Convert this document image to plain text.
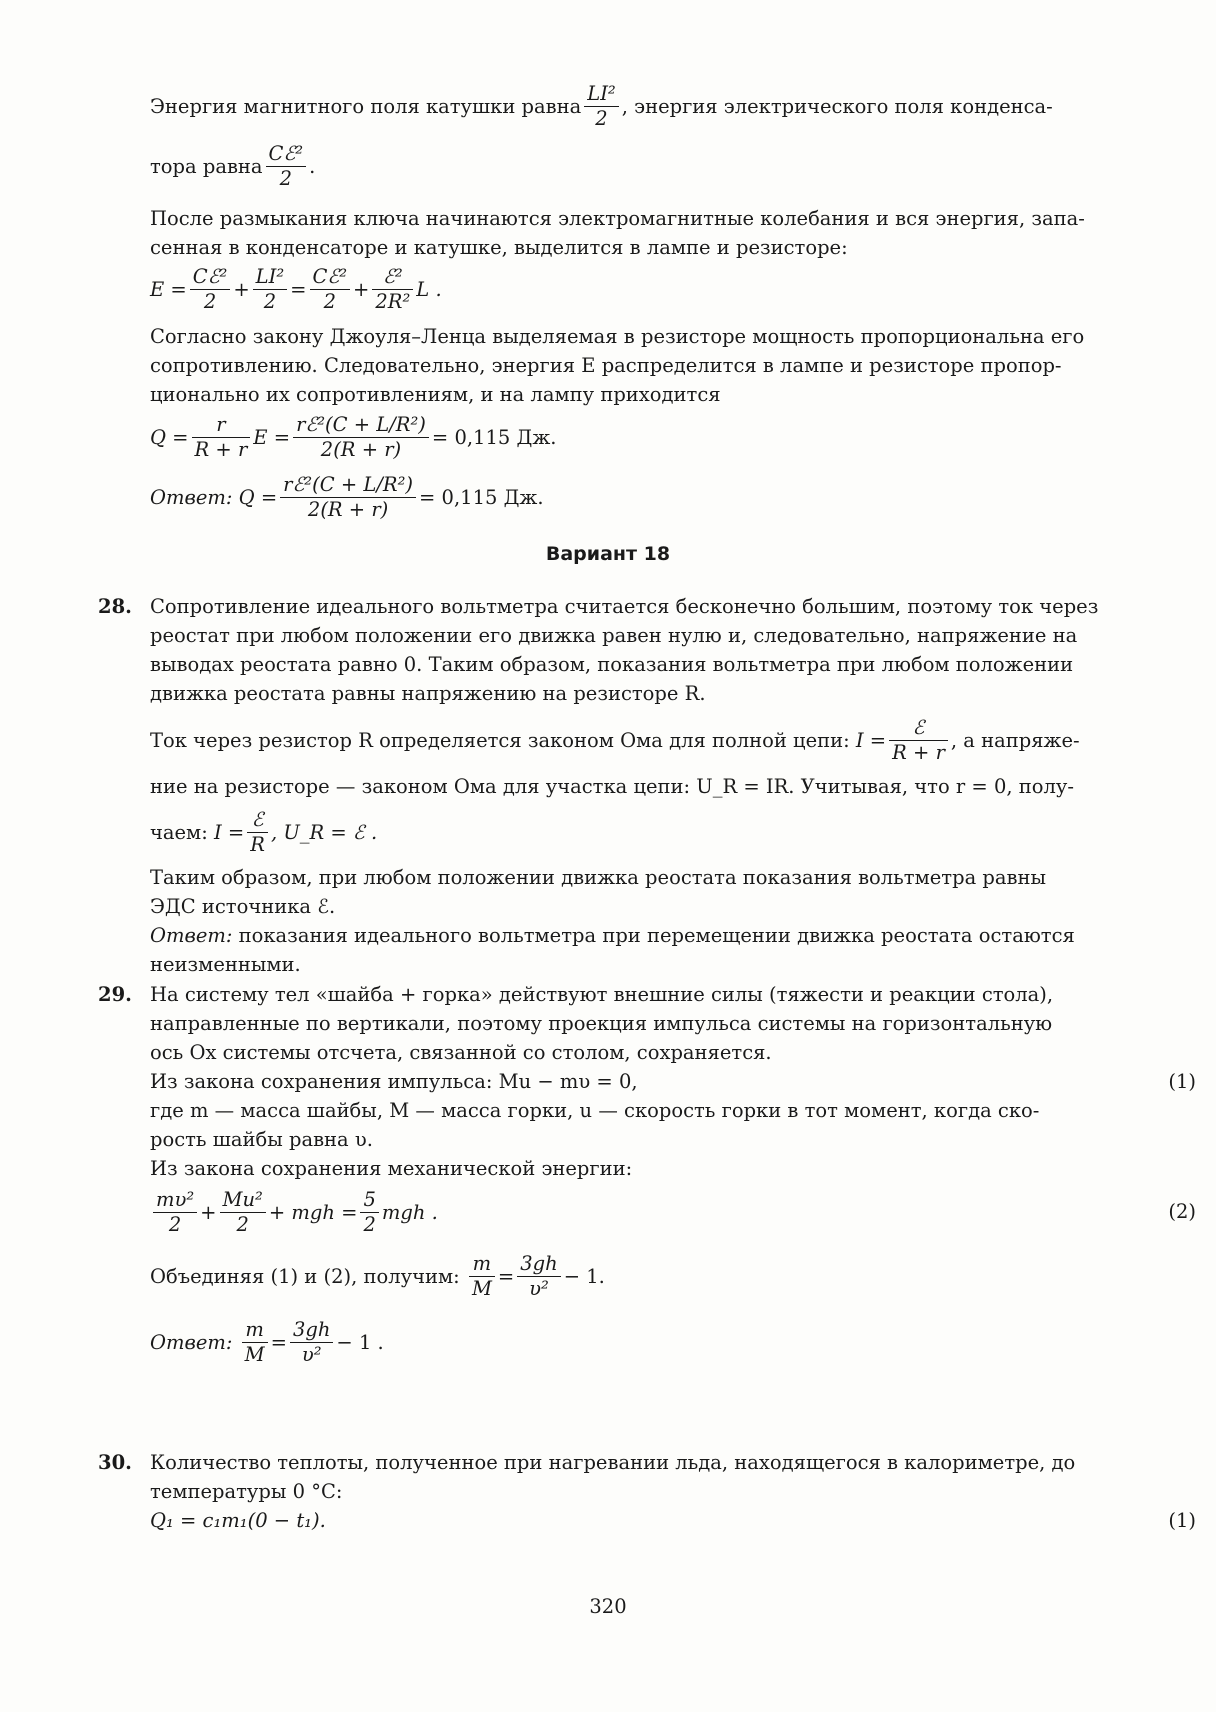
Энергия магнитного поля катушки равна $\frac{\text{LI²}}{2}$ , энергия электрического поля конденса-
тора равна $\frac{\text{Cℰ²}}{2}$ .

После размыкания ключа начинаются электромагнитные колебания и вся энергия, запа-
сенная в конденсаторе и катушке, выделится в лампе и резисторе:

$E = \frac{\text{Cℰ²}}{2} + \frac{\text{LI²}}{2} = \frac{\text{Cℰ²}}{2} + \frac{\text{ℰ²}}{\text{2R²}}$ L .

Согласно закону Джоуля–Ленца выделяемая в резисторе мощность пропорциональна его
сопротивлению. Следовательно, энергия E распределится в лампе и резисторе пропор-
ционально их сопротивлениям, и на лампу приходится

$Q = \frac{r}{R + r}$ $E = \frac{\text{rℰ²(C + L/R²)}}{2(R + r)} = 0,115$ Дж.
Ответ:
$Q = \frac{\text{rℰ²(C + L/R²)}}{2(R + r)} = 0,115$ Дж.
Вариант 18
28. Сопротивление идеального вольтметра считается бесконечно большим, поэтому ток через
реостат при любом положении его движка равен нулю и, следовательно, напряжение на
выводах реостата равно 0. Таким образом, показания вольтметра при любом положении
движка реостата равны напряжению на резисторе R.

Ток через резистор R определяется законом Ома для полной цепи:
$I = \frac{\text{ℰ}}{R + r}$ , а напряже-

ние на резисторе — законом Ома для участка цепи: U_R = IR. Учитывая, что r = 0, полу-

чаем:
$I = \frac{\text{ℰ}}{R}$ , U_R = ℰ .

Таким образом, при любом положении движка реостата показания вольтметра равны
ЭДС источника ℰ.
Ответ: показания идеального вольтметра при перемещении движка реостата остаются
неизменными.

29. На систему тел «шайба + горка» действуют внешние силы (тяжести и реакции стола),
направленные по вертикали, поэтому проекция импульса системы на горизонтальную
ось Ox системы отсчета, связанной со столом, сохраняется.

Из закона сохранения импульса: Mu − mυ = 0,	(1)

где m — масса шайбы, M — масса горки, u — скорость горки в тот момент, когда ско-
рость шайбы равна υ.
Из закона сохранения механической энергии:

$\frac{\text{mυ²}}{2} + \frac{\text{Mu²}}{2}$ + mgh = $\frac{5}{2}$ mgh .	(2)
Объединяя (1) и (2), получим:
$\frac{m}{M} = \frac{3gh}{\text{υ²}} - 1$.
Ответ:
$\frac{m}{M} = \frac{3gh}{\text{υ²}} - 1$ .
30. Количество теплоты, полученное при нагревании льда, находящегося в калориметре, до
температуры 0 °C:

Q₁ = c₁m₁(0 − t₁).	(1)
320
